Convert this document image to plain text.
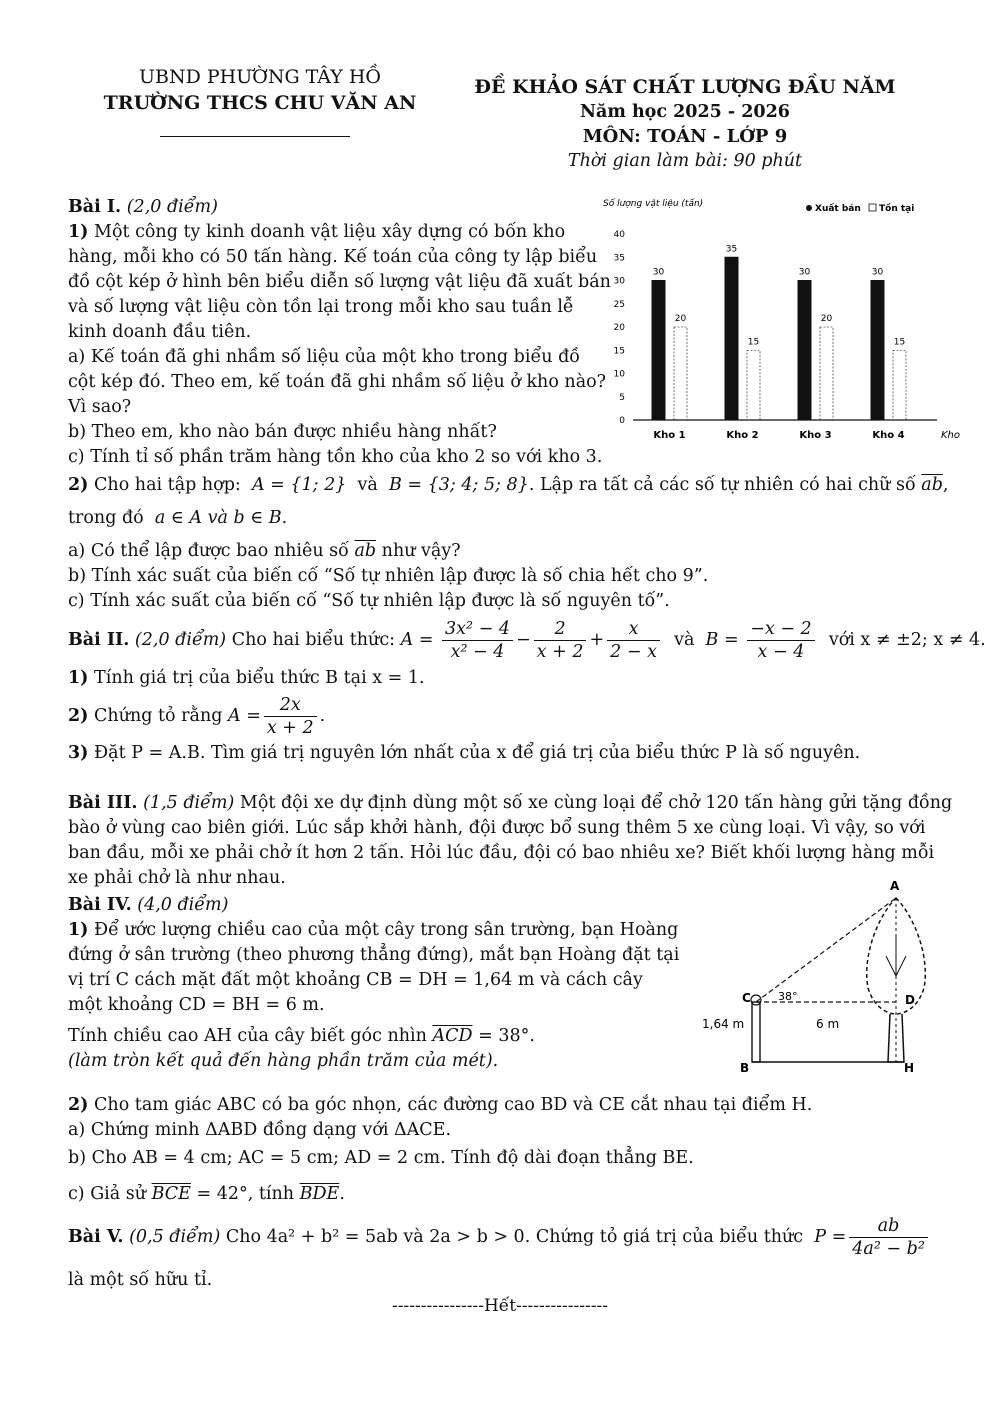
UBND PHƯỜNG TÂY HỒ
TRƯỜNG THCS CHU VĂN AN
ĐỀ KHẢO SÁT CHẤT LƯỢNG ĐẦU NĂM
Năm học 2025 - 2026
MÔN: TOÁN - LỚP 9
Thời gian làm bài: 90 phút

Bài I. (2,0 điểm)

1) Một công ty kinh doanh vật liệu xây dựng có bốn kho

hàng, mỗi kho có 50 tấn hàng. Kế toán của công ty lập biểu

đồ cột kép ở hình bên biểu diễn số lượng vật liệu đã xuất bán

và số lượng vật liệu còn tồn lại trong mỗi kho sau tuần lễ

kinh doanh đầu tiên.

a) Kế toán đã ghi nhầm số liệu của một kho trong biểu đồ

cột kép đó. Theo em, kế toán đã ghi nhầm số liệu ở kho nào?

Vì sao?

b) Theo em, kho nào bán được nhiều hàng nhất?

c) Tính tỉ số phần trăm hàng tồn kho của kho 2 so với kho 3.

Số lượng vật liệu (tấn)	Xuất bán Tồn tại
0
5
10
15
20
25
30
35
40
30
20
Kho 1
35
15
Kho 2
30
20
Kho 3
30
15
Kho 4	Kho

2) Cho hai tập hợp: A = {1; 2} và B = {3; 4; 5; 8}. Lập ra tất cả các số tự nhiên có hai chữ số $\overline{ab}$,

trong đó a ∈ A và b ∈ B.

a) Có thể lập được bao nhiêu số $\overline{ab}$ như vậy?

b) Tính xác suất của biến cố “Số tự nhiên lập được là số chia hết cho 9”.

c) Tính xác suất của biến cố “Số tự nhiên lập được là số nguyên tố”.

Bài II. (2,0 điểm) Cho hai biểu thức: $A = \frac{\text{3x² − 4}}{\text{x² − 4}} - \frac{2}{x + 2} + \frac{x}{2 - x}$ và $B = \frac{-x - 2}{x - 4}$ với x ≠ ±2; x ≠ 4.

1) Tính giá trị của biểu thức B tại x = 1.

2) Chứng tỏ rằng $A = \frac{2x}{x + 2}$ .

3) Đặt P = A.B. Tìm giá trị nguyên lớn nhất của x để giá trị của biểu thức P là số nguyên.

Bài III. (1,5 điểm) Một đội xe dự định dùng một số xe cùng loại để chở 120 tấn hàng gửi tặng đồng

bào ở vùng cao biên giới. Lúc sắp khởi hành, đội được bổ sung thêm 5 xe cùng loại. Vì vậy, so với

ban đầu, mỗi xe phải chở ít hơn 2 tấn. Hỏi lúc đầu, đội có bao nhiêu xe? Biết khối lượng hàng mỗi

xe phải chở là như nhau.

Bài IV. (4,0 điểm)

1) Để ước lượng chiều cao của một cây trong sân trường, bạn Hoàng

đứng ở sân trường (theo phương thẳng đứng), mắt bạn Hoàng đặt tại

vị trí C cách mặt đất một khoảng CB = DH = 1,64 m và cách cây

một khoảng CD = BH = 6 m.

Tính chiều cao AH của cây biết góc nhìn $\overline{ACD} = 38^\circ$.

(làm tròn kết quả đến hàng phần trăm của mét).

A
C	D
38°
6 m
1,64 m
B	H

2) Cho tam giác ABC có ba góc nhọn, các đường cao BD và CE cắt nhau tại điểm H.

a) Chứng minh ΔABD đồng dạng với ΔACE.

b) Cho AB = 4 cm; AC = 5 cm; AD = 2 cm. Tính độ dài đoạn thẳng BE.

c) Giả sử $\overline{BCE} = 42^\circ$, tính $\overline{BDE}$.

Bài V. (0,5 điểm) Cho 4a² + b² = 5ab và 2a > b > 0. Chứng tỏ giá trị của biểu thức $P = \frac{ab}{\text{4a² − b²}}$

là một số hữu tỉ.

----------------Hết----------------
